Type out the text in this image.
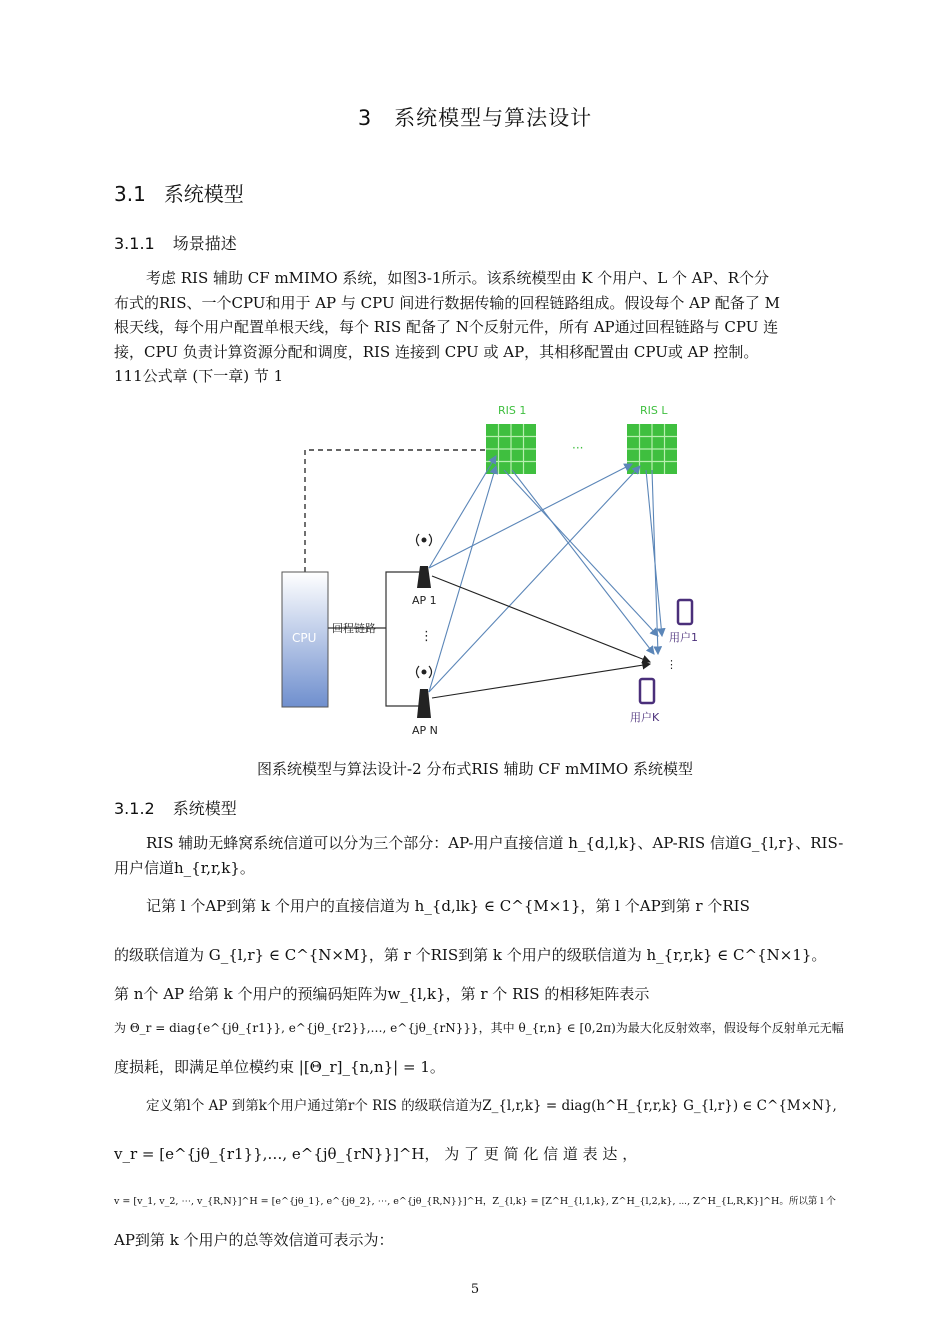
3　系统模型与算法设计
3.1 系统模型
3.1.1 场景描述
考虑 RIS 辅助 CF mMIMO 系统，如图3-1所示。该系统模型由 K 个用户、L 个 AP、R个分
布式的RIS、一个CPU和用于 AP 与 CPU 间进行数据传输的回程链路组成。假设每个 AP 配备了 M
根天线，每个用户配置单根天线，每个 RIS 配备了 N个反射元件，所有 AP通过回程链路与 CPU 连
接，CPU 负责计算资源分配和调度，RIS 连接到 CPU 或 AP，其相移配置由 CPU或 AP 控制。
111公式章 (下一章) 节 1
RIS 1	RIS L
···
CPU
回程链路
AP 1
⋮
AP N
⋮
用户1
用户K
图系统模型与算法设计-2 分布式RIS 辅助 CF mMIMO 系统模型
3.1.2 系统模型
RIS 辅助无蜂窝系统信道可以分为三个部分：AP-用户直接信道 h_{d,l,k}、AP-RIS 信道G_{l,r}、RIS-
用户信道h_{r,r,k}。
记第 l 个AP到第 k 个用户的直接信道为 h_{d,lk} ∈ C^{M×1}，第 l 个AP到第 r 个RIS
的级联信道为 G_{l,r} ∈ C^{N×M}，第 r 个RIS到第 k 个用户的级联信道为 h_{r,r,k} ∈ C^{N×1}。
第 n个 AP 给第 k 个用户的预编码矩阵为w_{l,k}，第 r 个 RIS 的相移矩阵表示
为 Θ_r = diag{e^{jθ_{r1}}, e^{jθ_{r2}},…, e^{jθ_{rN}}}，其中 θ_{r,n} ∈ [0,2π)为最大化反射效率，假设每个反射单元无幅
度损耗，即满足单位模约束 |[Θ_r]_{n,n}| = 1。
定义第l个 AP 到第k个用户通过第r个 RIS 的级联信道为Z_{l,r,k} = diag(h^H_{r,r,k} G_{l,r}) ∈ C^{M×N},
v_r = [e^{jθ_{r1}},…, e^{jθ_{rN}}]^H， 为 了 更 简 化 信 道 表 达 ，
v = [v_1, v_2, ⋯, v_{R,N}]^H = [e^{jθ_1}, e^{jθ_2}, ⋯, e^{jθ_{R,N}}]^H，Z_{l,k} = [Z^H_{l,1,k}, Z^H_{l,2,k}, ⋯, Z^H_{L,R,K}]^H。所以第 l 个
AP到第 k 个用户的总等效信道可表示为：
5
